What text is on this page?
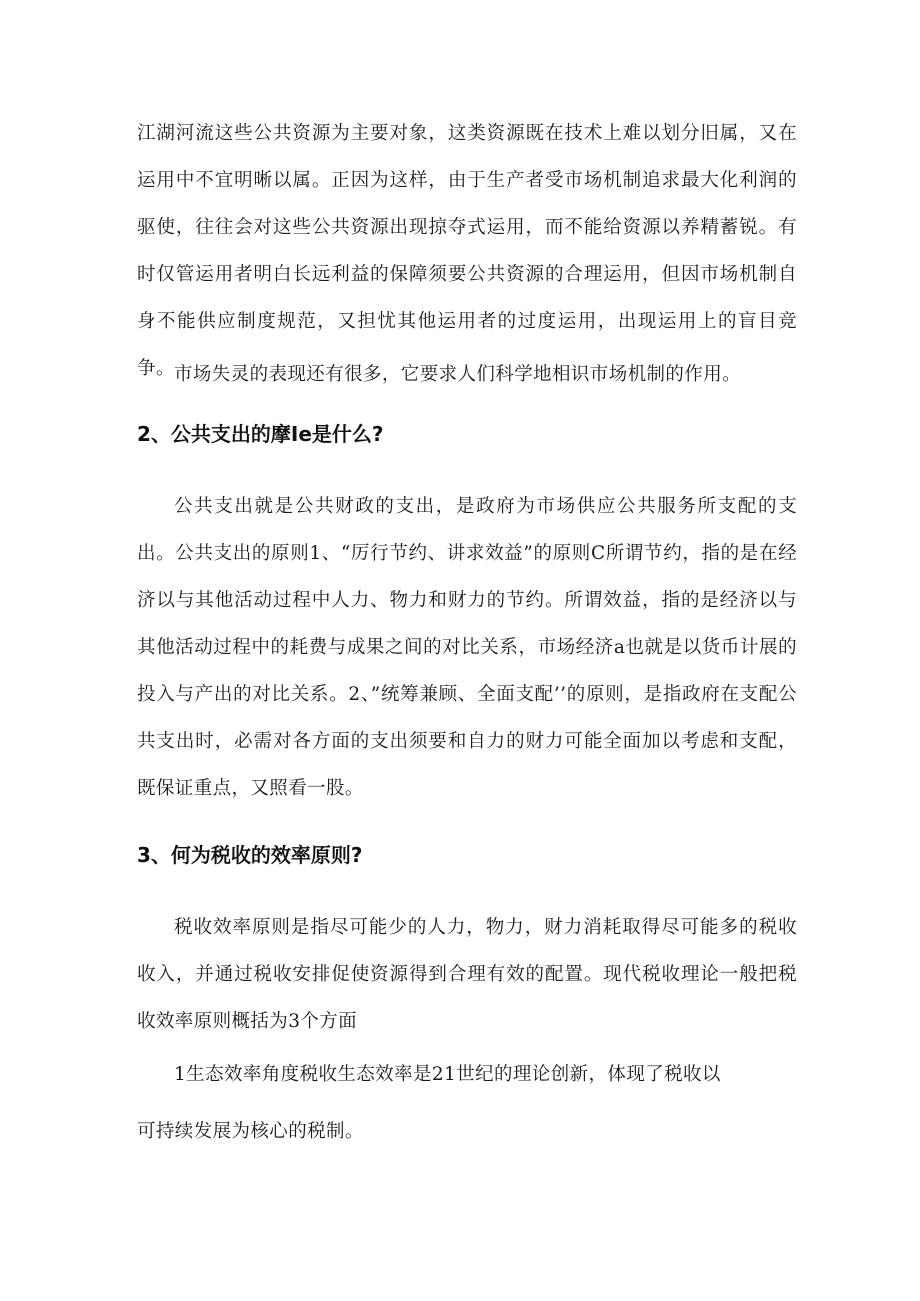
江湖河流这些公共资源为主要对象，这类资源既在技术上难以划分旧属，又在运用中不宜明晰以属。正因为这样，由于生产者受市场机制追求最大化利润的驱使，往往会对这些公共资源出现掠夺式运用，而不能给资源以养精蓄锐。有时仅管运用者明白长远利益的保障须要公共资源的合理运用，但因市场机制自身不能供应制度规范，又担忧其他运用者的过度运用，出现运用上的盲目竞争。 市场失灵的表现还有很多，它要求人们科学地相识市场机制的作用。

2、公共支出的摩Ie是什么?

公共支出就是公共财政的支出，是政府为市场供应公共服务所支配的支出。公共支出的原则1、“厉行节约、讲求效益”的原则C所谓节约，指的是在经济以与其他活动过程中人力、物力和财力的节约。所谓效益，指的是经济以与其他活动过程中的耗费与成果之间的对比关系，市场经济a也就是以货币计展的投入与产出的对比关系。2、”统筹兼顾、全面支配’’的原则，是指政府在支配公共支出时，必需对各方面的支出须要和自力的财力可能全面加以考虑和支配，既保证重点，又照看一股。

3、何为税收的效率原则?

税收效率原则是指尽可能少的人力，物力，财力消耗取得尽可能多的税收收入，并通过税收安排促使资源得到合理有效的配置。现代税收理论一般把税收效率原则概括为3个方面

1生态效率角度税收生态效率是21世纪的理论创新，体现了税收以

可持续发展为核心的税制。
